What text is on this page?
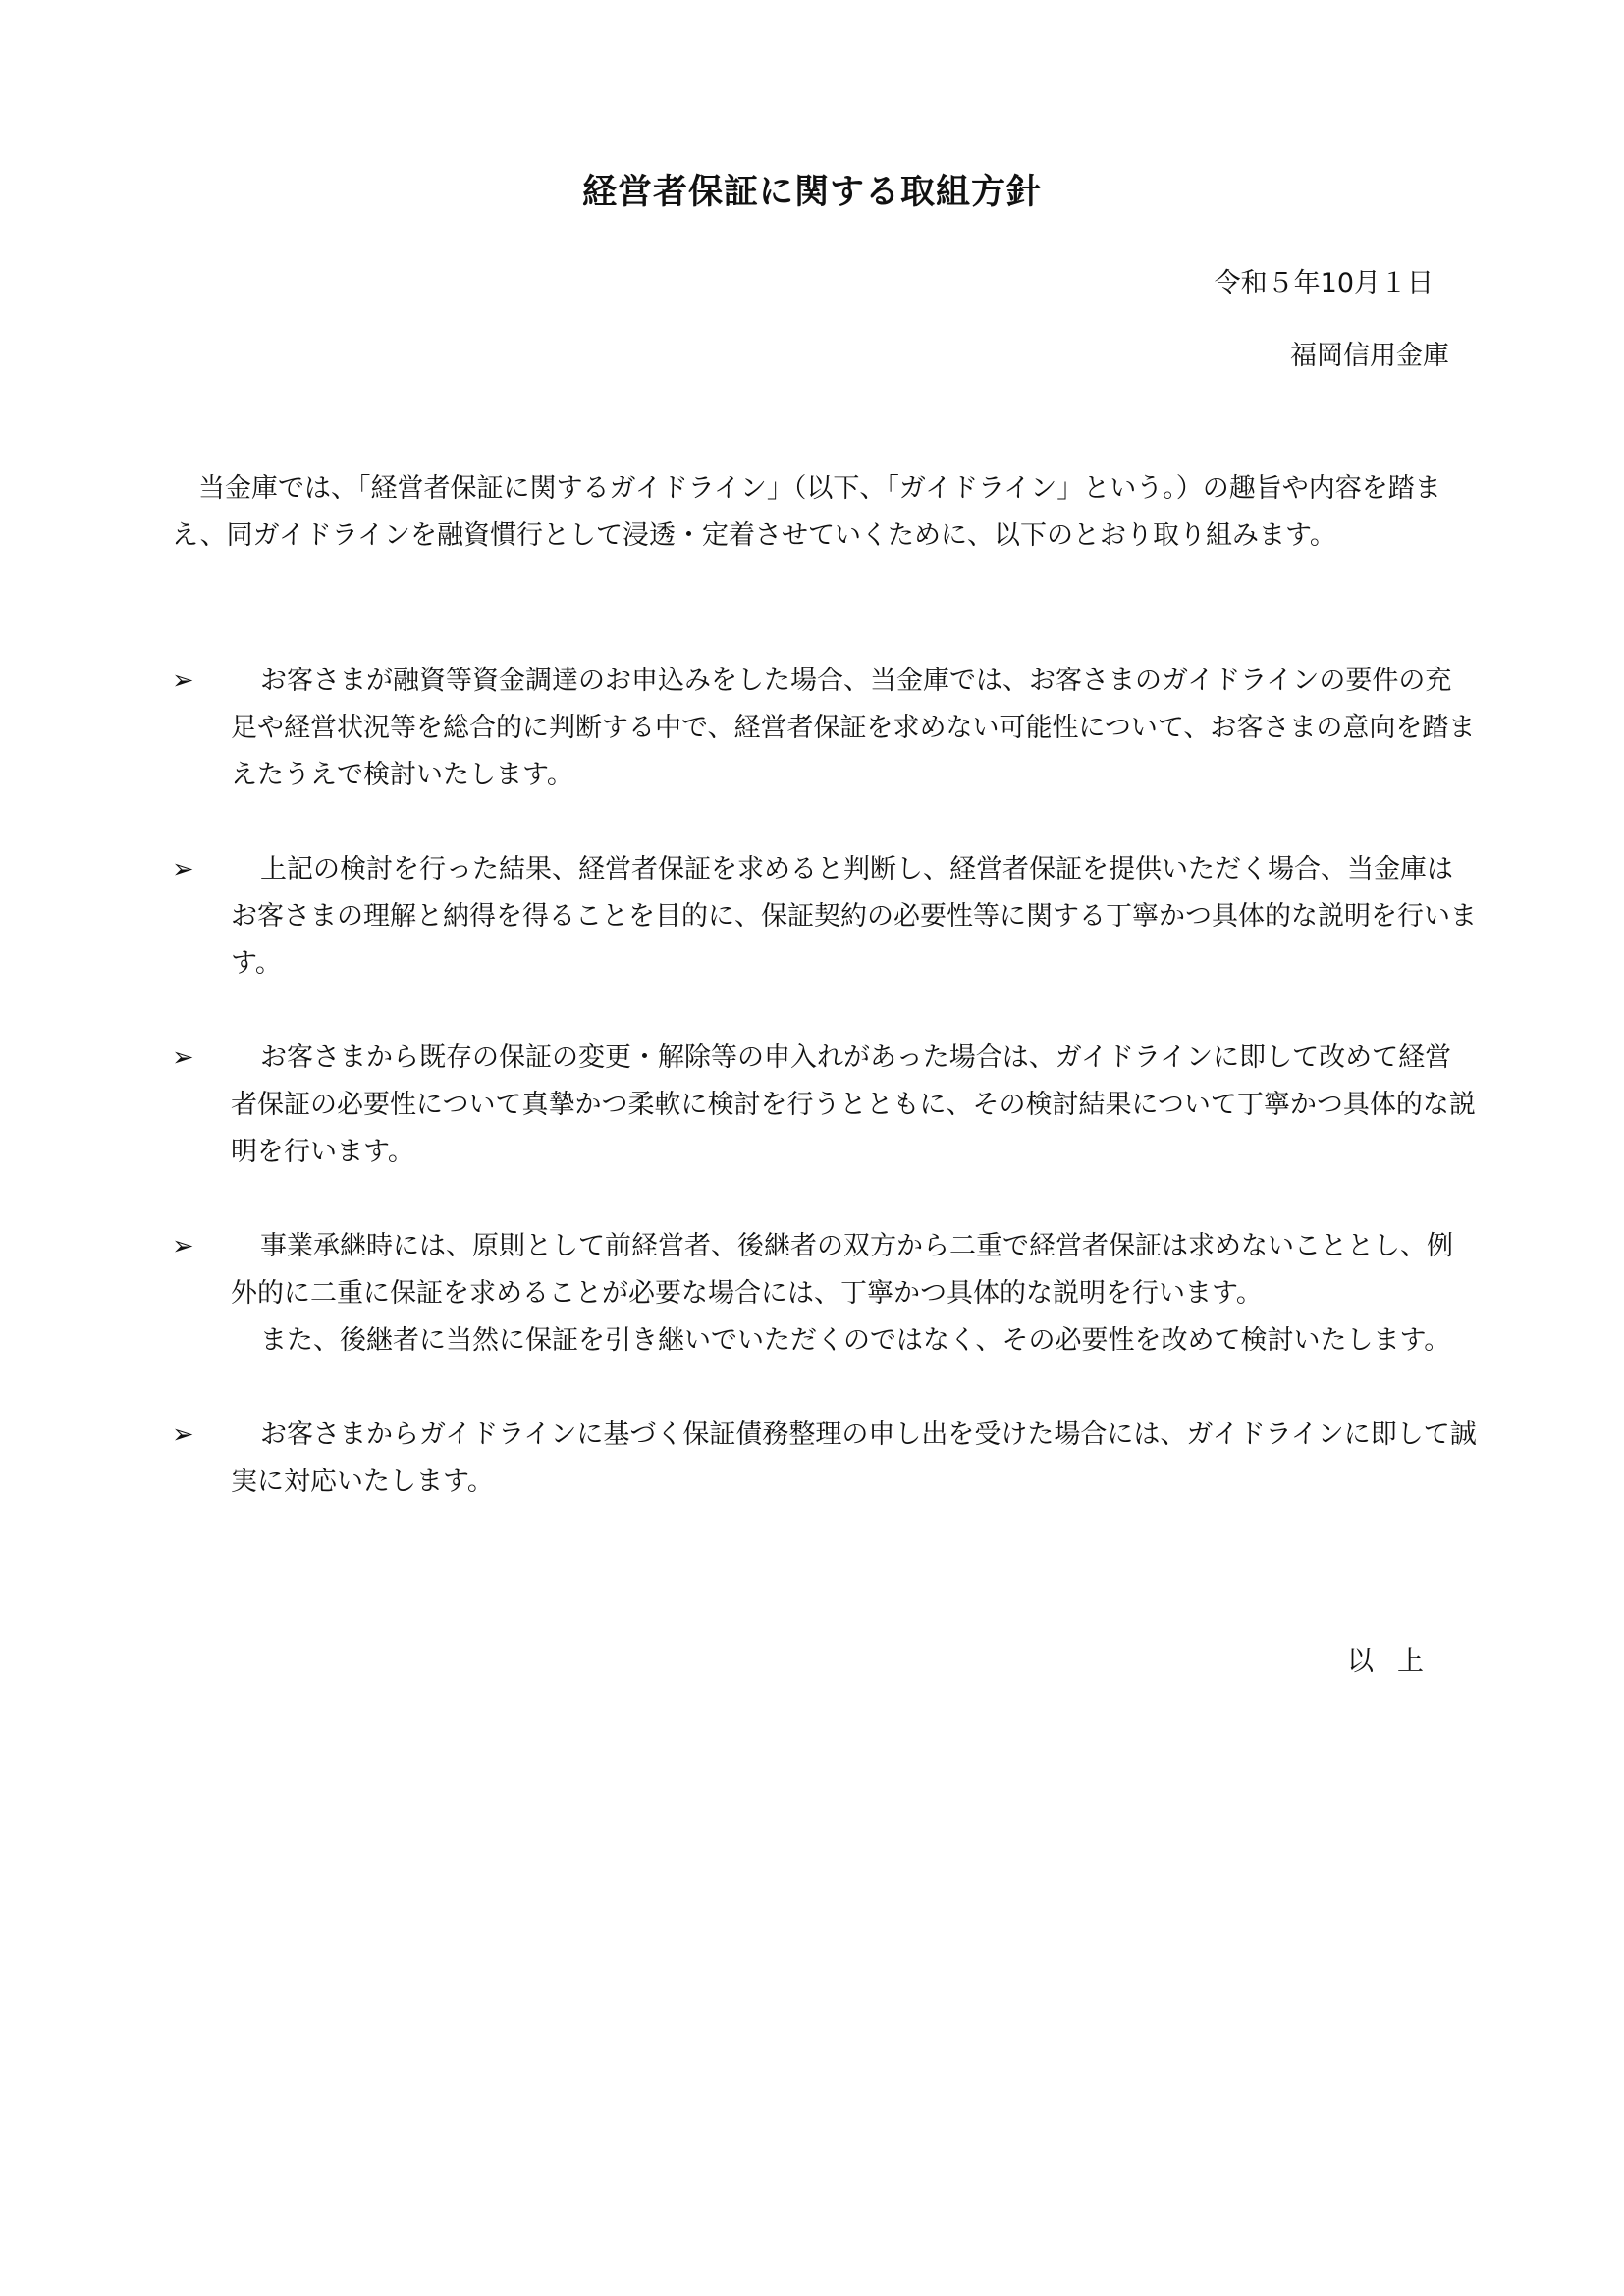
経営者保証に関する取組方針
令和５年10月１日
福岡信用金庫

当金庫では、「経営者保証に関するガイドライン」（以下、「ガイドライン」という。）の趣旨や内容を踏まえ、同ガイドラインを融資慣行として浸透・定着させていくために、以下のとおり取り組みます。

➢	お客さまが融資等資金調達のお申込みをした場合、当金庫では、お客さまのガイドラインの要件の充足や経営状況等を総合的に判断する中で、経営者保証を求めない可能性について、お客さまの意向を踏まえたうえで検討いたします。

➢	上記の検討を行った結果、経営者保証を求めると判断し、経営者保証を提供いただく場合、当金庫はお客さまの理解と納得を得ることを目的に、保証契約の必要性等に関する丁寧かつ具体的な説明を行います。

➢	お客さまから既存の保証の変更・解除等の申入れがあった場合は、ガイドラインに即して改めて経営者保証の必要性について真摯かつ柔軟に検討を行うとともに、その検討結果について丁寧かつ具体的な説明を行います。

➢	事業承継時には、原則として前経営者、後継者の双方から二重で経営者保証は求めないこととし、例外的に二重に保証を求めることが必要な場合には、丁寧かつ具体的な説明を行います。

また、後継者に当然に保証を引き継いでいただくのではなく、その必要性を改めて検討いたします。

➢	お客さまからガイドラインに基づく保証債務整理の申し出を受けた場合には、ガイドラインに即して誠実に対応いたします。

以上
